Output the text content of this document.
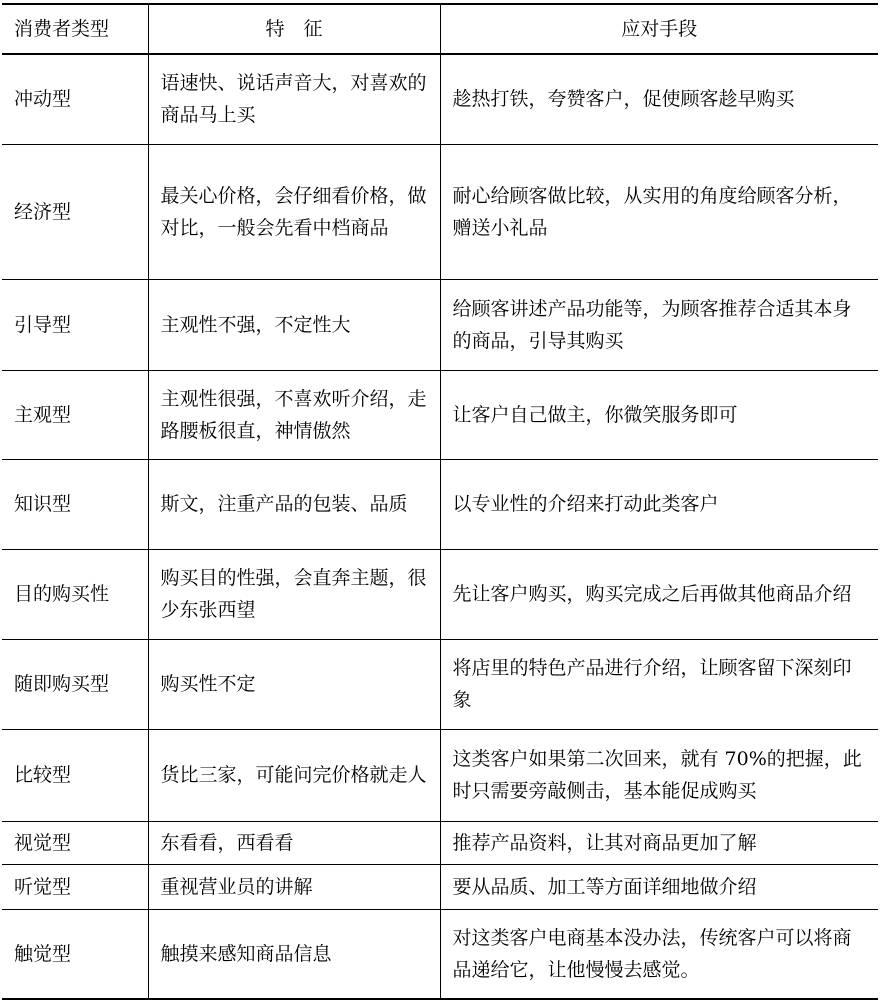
消费者类型	特　征	应对手段
冲动型	语速快、说话声音大，对喜欢的商品马上买	趁热打铁，夸赞客户，促使顾客趁早购买
经济型	最关心价格，会仔细看价格，做对比，一般会先看中档商品	耐心给顾客做比较，从实用的角度给顾客分析，赠送小礼品
引导型	主观性不强，不定性大	给顾客讲述产品功能等，为顾客推荐合适其本身的商品，引导其购买
主观型	主观性很强，不喜欢听介绍，走路腰板很直，神情傲然	让客户自己做主，你微笑服务即可
知识型	斯文，注重产品的包装、品质	以专业性的介绍来打动此类客户
目的购买性	购买目的性强，会直奔主题，很少东张西望	先让客户购买，购买完成之后再做其他商品介绍
随即购买型	购买性不定	将店里的特色产品进行介绍，让顾客留下深刻印象
比较型	货比三家，可能问完价格就走人	这类客户如果第二次回来，就有 70%的把握，此时只需要旁敲侧击，基本能促成购买
视觉型	东看看，西看看	推荐产品资料，让其对商品更加了解
听觉型	重视营业员的讲解	要从品质、加工等方面详细地做介绍
触觉型	触摸来感知商品信息	对这类客户电商基本没办法，传统客户可以将商品递给它，让他慢慢去感觉。
